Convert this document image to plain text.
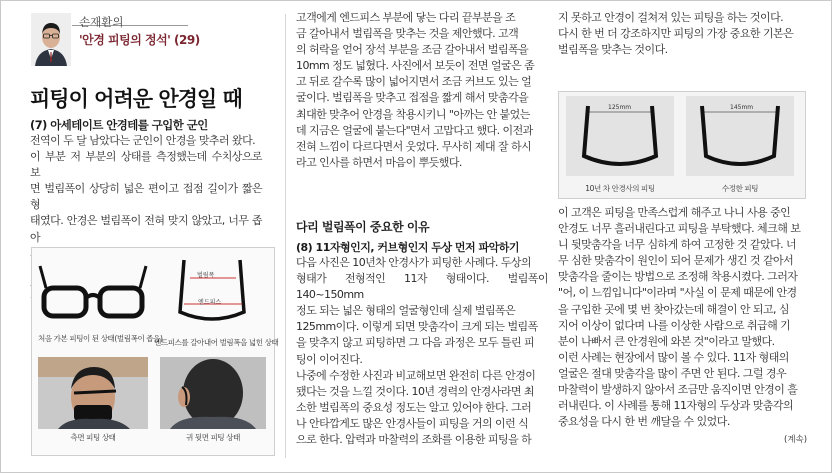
손재환의
'안경 피팅의 정석' (29)
피팅이 어려운 안경일 때

(7) 아세테이트 안경테를 구입한 군인

전역이 두 달 남았다는 군인이 안경을 맞추러 왔다.

이 부분 저 부분의 상태를 측정했는데 수치상으로 보

면 벌림폭이 상당히 넓은 편이고 접점 길이가 짧은 형

태였다. 안경은 벌림폭이 전혀 맞지 않았고, 너무 좁아

처음 가본 피팅이 된 상태(벌림폭이 좁음)
벌림폭
엔드피스
엔드피스를 갈아내어 벌림폭을 넓힌 상태
측면 피팅 상태	귀 뒷면 피팅 상태

고객에게 엔드피스 부분에 닿는 다리 끝부분을 조

금 갈아내서 벌림폭을 맞추는 것을 제안했다. 고객

의 허락을 얻어 장석 부분을 조금 갈아내서 벌림폭을

10mm 정도 넓혔다. 사진에서 보듯이 전면 얼굴은 좀

고 뒤로 갈수록 많이 넓어지면서 조금 커브도 있는 얼

굴이다. 벌림폭을 맞추고 접점을 짧게 해서 맞춤각을

최대한 맞추어 안경을 착용시키니 "아까는 안 붙었는

데 지금은 얼굴에 붙는다"면서 고맙다고 했다. 이전과

전혀 느낌이 다르다면서 웃었다. 무사히 제대 잘 하시

라고 인사를 하면서 마음이 뿌듯했다.

다리 벌림폭이 중요한 이유

(8) 11자형인지, 커브형인지 두상 먼저 파악하기

다음 사진은 10년차 안경사가 피팅한 사례다. 두상의

형태가 전형적인 11자 형태이다. 벌림폭이 140~150mm

정도 되는 넓은 형태의 얼굴형인데 실제 벌림폭은

125mm이다. 이렇게 되면 맞춤각이 크게 되는 벌림폭

을 맞추지 않고 피팅하면 그 다음 과정은 모두 틀린 피

팅이 이어진다.

나중에 수정한 사진과 비교해보면 완전히 다른 안경이

됐다는 것을 느낄 것이다. 10년 경력의 안경사라면 최

소한 벌림폭의 중요성 정도는 알고 있어야 한다. 그러

나 안타깝게도 많은 안경사들이 피팅을 거의 이런 식

으로 한다. 압력과 마찰력의 조화를 이용한 피팅을 하

지 못하고 안경이 걸쳐져 있는 피팅을 하는 것이다.

다시 한 번 더 강조하지만 피팅의 가장 중요한 기본은

벌림폭을 맞추는 것이다.

125mm	145mm
10년 차 안경사의 피팅	수정한 피팅

이 고객은 피팅을 만족스럽게 해주고 나니 사용 중인

안경도 너무 흘러내린다고 피팅을 부탁했다. 체크해 보

니 뒷맞춤각을 너무 심하게 하여 고정한 것 같았다. 너

무 심한 맞춤각이 원인이 되어 문제가 생긴 것 같아서

맞춤각을 줄이는 방법으로 조정해 착용시켰다. 그러자

"어, 이 느낌입니다"이라며 "사실 이 문제 때문에 안경

을 구입한 곳에 몇 번 찾아갔는데 해결이 안 되고, 심

지어 이상이 없다며 나를 이상한 사람으로 취급해 기

분이 나빠서 큰 안경원에 와본 것"이라고 말했다.

이런 사례는 현장에서 많이 볼 수 있다. 11자 형태의

얼굴은 절대 맞춤각을 많이 주면 안 된다. 그럴 경우

마찰력이 발생하지 않아서 조금만 움직이면 안경이 흘

러내린다. 이 사례를 통해 11자형의 두상과 맞춤각의

중요성을 다시 한 번 깨달을 수 있었다.

(계속)
